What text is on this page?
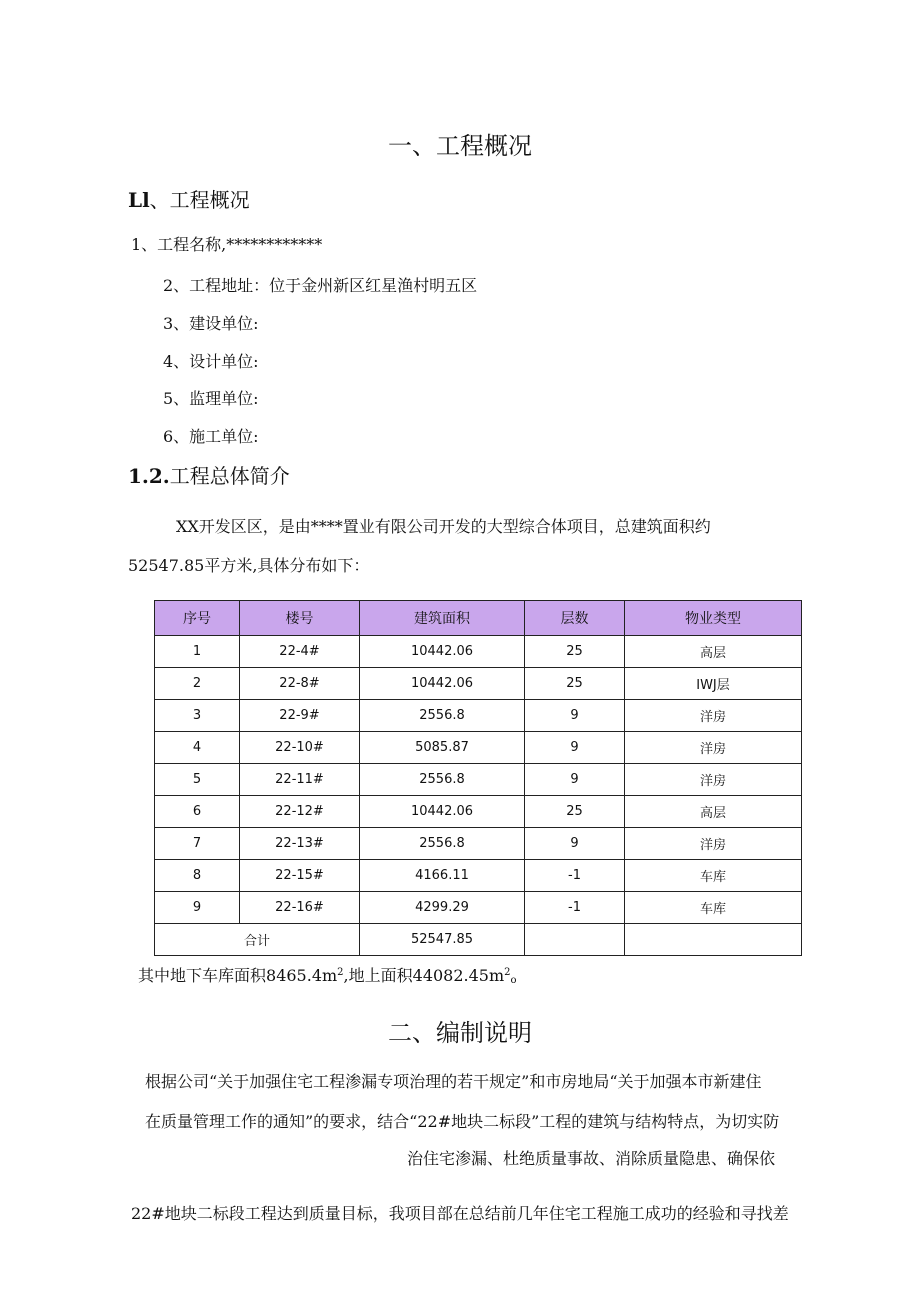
一、工程概况
Ll、工程概况
1、工程名称,************
2、工程地址：位于金州新区红星渔村明五区
3、建设单位:
4、设计单位:
5、监理单位:
6、施工单位:
1.2.工程总体简介
XX开发区区，是由****置业有限公司开发的大型综合体项目，总建筑面积约
52547.85平方米,具体分布如下：
序号	楼号	建筑面积	层数	物业类型
1	22-4#	10442.06	25	高层
2	22-8#	10442.06	25	IWJ层
3	22-9#	2556.8	9	洋房
4	22-10#	5085.87	9	洋房
5	22-11#	2556.8	9	洋房
6	22-12#	10442.06	25	高层
7	22-13#	2556.8	9	洋房
8	22-15#	4166.11	-1	车库
9	22-16#	4299.29	-1	车库
合计		52547.85		
其中地下车库面积$8465.4m^2$,地上面积$44082.45m^2_o$
二、编制说明
根据公司“关于加强住宅工程渗漏专项治理的若干规定”和市房地局“关于加强本市新建住
在质量管理工作的通知”的要求，结合“22#地块二标段”工程的建筑与结构特点，为切实防
治住宅渗漏、杜绝质量事故、消除质量隐患、确保依
22#地块二标段工程达到质量目标，我项目部在总结前几年住宅工程施工成功的经验和寻找差
